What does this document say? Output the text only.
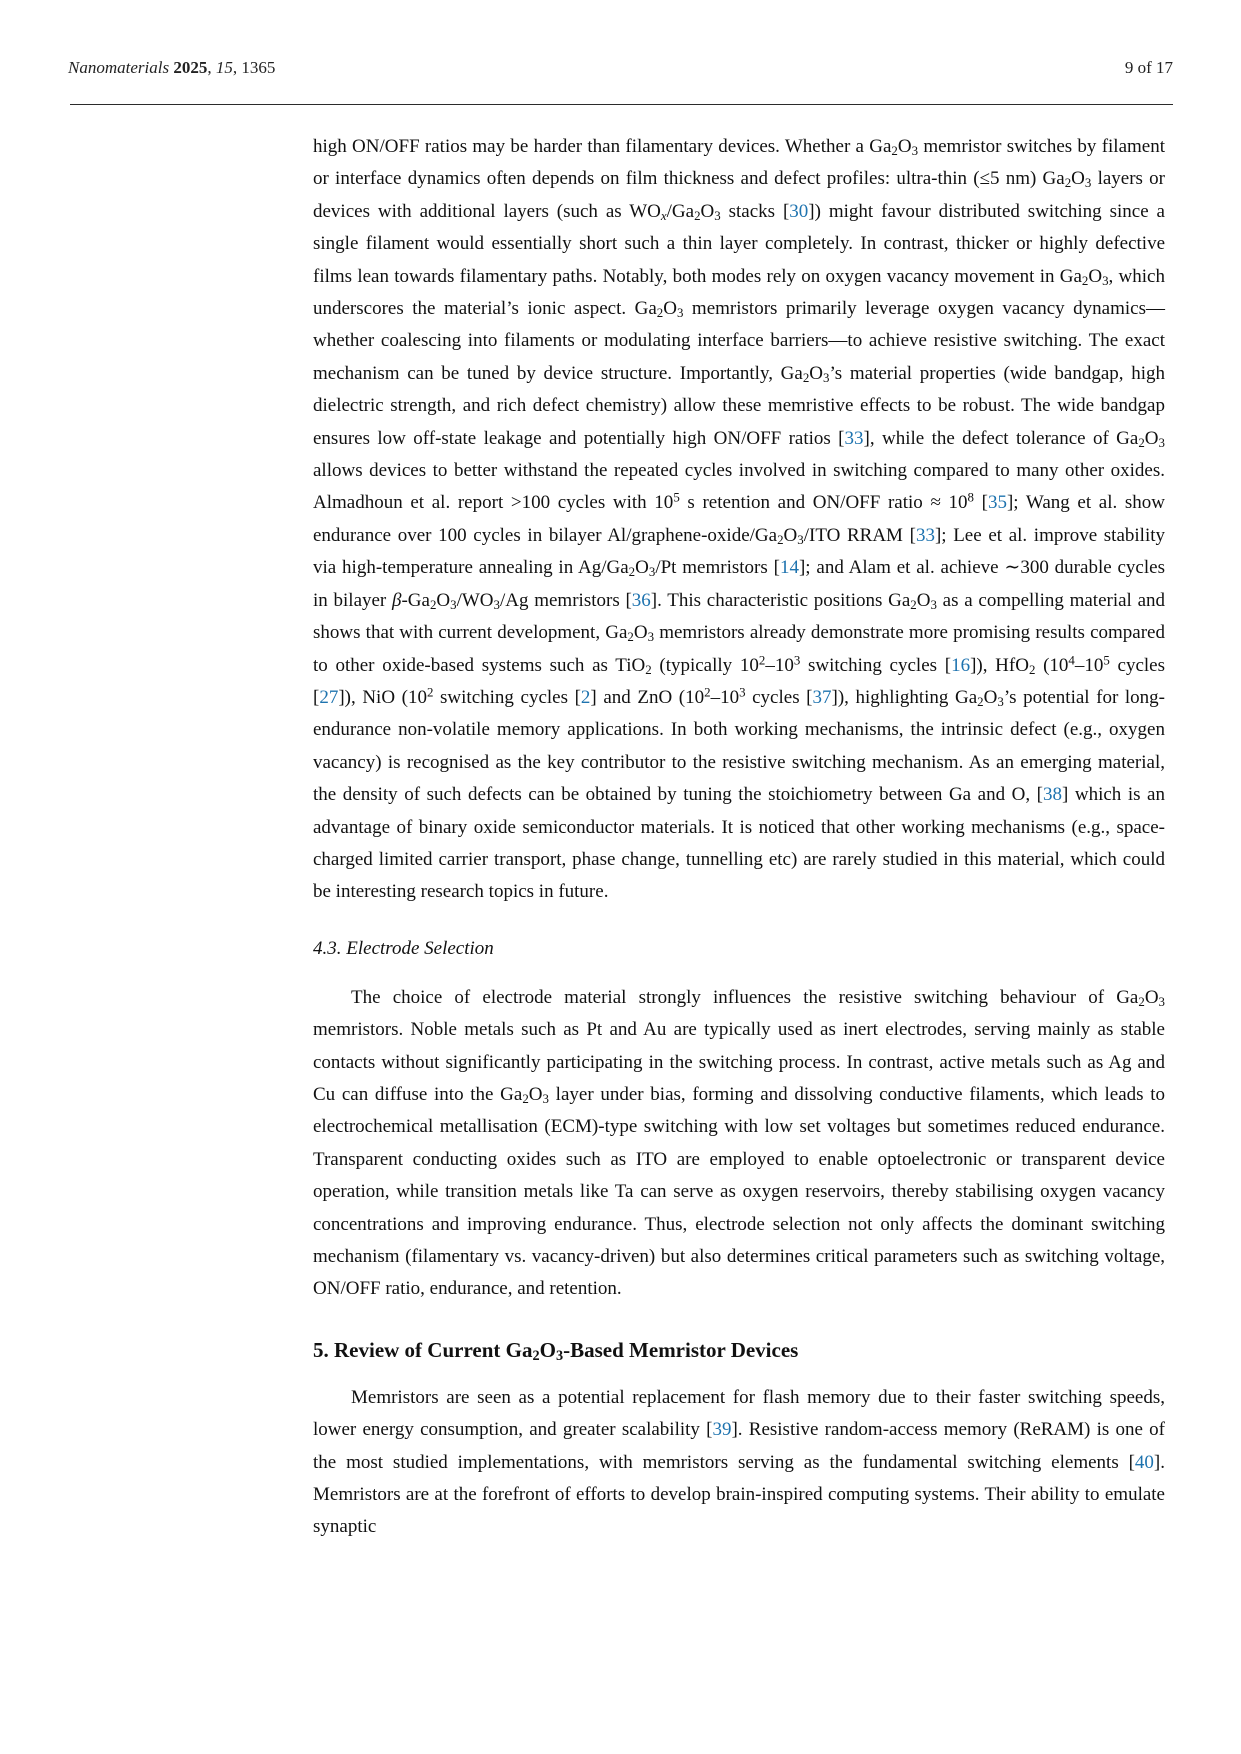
Nanomaterials 2025, 15, 1365	9 of 17

high ON/OFF ratios may be harder than filamentary devices. Whether a Ga2O3 memristor switches by filament or interface dynamics often depends on film thickness and defect profiles: ultra-thin (≤5 nm) Ga2O3 layers or devices with additional layers (such as WOx/Ga2O3 stacks [30]) might favour distributed switching since a single filament would essentially short such a thin layer completely. In contrast, thicker or highly defective films lean towards filamentary paths. Notably, both modes rely on oxygen vacancy movement in Ga2O3, which underscores the material’s ionic aspect. Ga2O3 memristors primarily leverage oxygen vacancy dynamics—whether coalescing into filaments or modulating interface barriers—to achieve resistive switching. The exact mechanism can be tuned by device structure. Importantly, Ga2O3’s material properties (wide bandgap, high dielectric strength, and rich defect chemistry) allow these memristive effects to be robust. The wide bandgap ensures low off-state leakage and potentially high ON/OFF ratios [33], while the defect tolerance of Ga2O3 allows devices to better withstand the repeated cycles involved in switching compared to many other oxides. Almadhoun et al. report >100 cycles with $10^5$ s retention and ON/OFF ratio ≈ $10^8$ [35]; Wang et al. show endurance over 100 cycles in bilayer Al/graphene-oxide/Ga2O3/ITO RRAM [33]; Lee et al. improve stability via high-temperature annealing in Ag/Ga2O3/Pt memristors [14]; and Alam et al. achieve ∼300 durable cycles in bilayer β-Ga2O3/WO3/Ag memristors [36]. This characteristic positions Ga2O3 as a compelling material and shows that with current development, Ga2O3 memristors already demonstrate more promising results compared to other oxide-based systems such as TiO2 (typically $10^2-10^3$ switching cycles [16]), HfO2 ($10^4-10^5$ cycles [27]), NiO ($10^2$ switching cycles [2] and ZnO ($10^2-10^3$ cycles [37]), highlighting Ga2O3’s potential for long-endurance non-volatile memory applications. In both working mechanisms, the intrinsic defect (e.g., oxygen vacancy) is recognised as the key contributor to the resistive switching mechanism. As an emerging material, the density of such defects can be obtained by tuning the stoichiometry between Ga and O, [38] which is an advantage of binary oxide semiconductor materials. It is noticed that other working mechanisms (e.g., space-charged limited carrier transport, phase change, tunnelling etc) are rarely studied in this material, which could be interesting research topics in future.

4.3. Electrode Selection

The choice of electrode material strongly influences the resistive switching behaviour of Ga2O3 memristors. Noble metals such as Pt and Au are typically used as inert electrodes, serving mainly as stable contacts without significantly participating in the switching process. In contrast, active metals such as Ag and Cu can diffuse into the Ga2O3 layer under bias, forming and dissolving conductive filaments, which leads to electrochemical metallisation (ECM)-type switching with low set voltages but sometimes reduced endurance. Transparent conducting oxides such as ITO are employed to enable optoelectronic or transparent device operation, while transition metals like Ta can serve as oxygen reservoirs, thereby stabilising oxygen vacancy concentrations and improving endurance. Thus, electrode selection not only affects the dominant switching mechanism (filamentary vs. vacancy-driven) but also determines critical parameters such as switching voltage, ON/OFF ratio, endurance, and retention.

5. Review of Current Ga2O3-Based Memristor Devices

Memristors are seen as a potential replacement for flash memory due to their faster switching speeds, lower energy consumption, and greater scalability [39]. Resistive random-access memory (ReRAM) is one of the most studied implementations, with memristors serving as the fundamental switching elements [40]. Memristors are at the forefront of efforts to develop brain-inspired computing systems. Their ability to emulate synaptic
